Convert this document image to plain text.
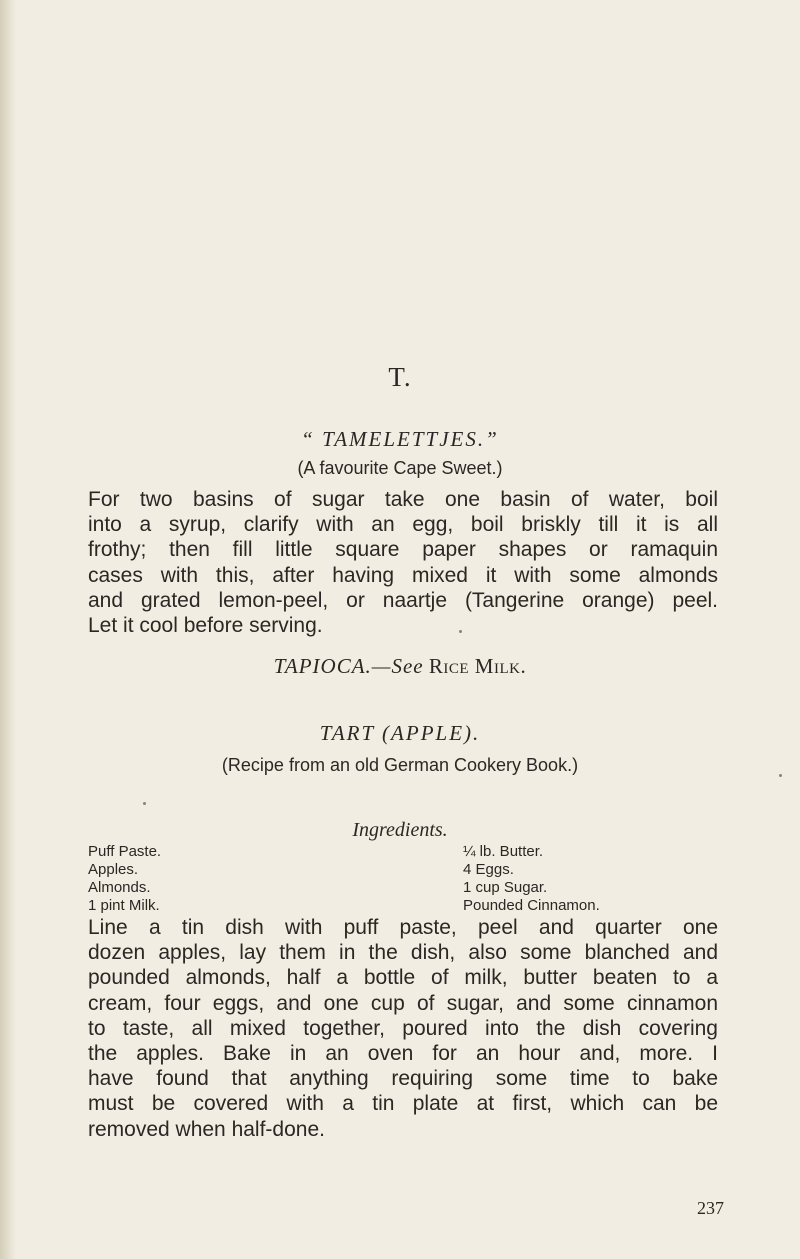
T.
“ TAMELETTJES.”
(A favourite Cape Sweet.)
For two basins of sugar take one basin of water, boil
into a syrup, clarify with an egg, boil briskly till it is all
frothy; then fill little square paper shapes or ramaquin
cases with this, after having mixed it with some almonds
and grated lemon-peel, or naartje (Tangerine orange) peel.
Let it cool before serving.
TAPIOCA.—See Rice Milk.
TART (APPLE).
(Recipe from an old German Cookery Book.)
Ingredients.
Puff Paste.
Apples.
Almonds.
1 pint Milk.
¼ lb. Butter.
4 Eggs.
1 cup Sugar.
Pounded Cinnamon.
Line a tin dish with puff paste, peel and quarter one
dozen apples, lay them in the dish, also some blanched and
pounded almonds, half a bottle of milk, butter beaten to a
cream, four eggs, and one cup of sugar, and some cinnamon
to taste, all mixed together, poured into the dish covering
the apples. Bake in an oven for an hour and, more. I
have found that anything requiring some time to bake
must be covered with a tin plate at first, which can be
removed when half-done.
237
